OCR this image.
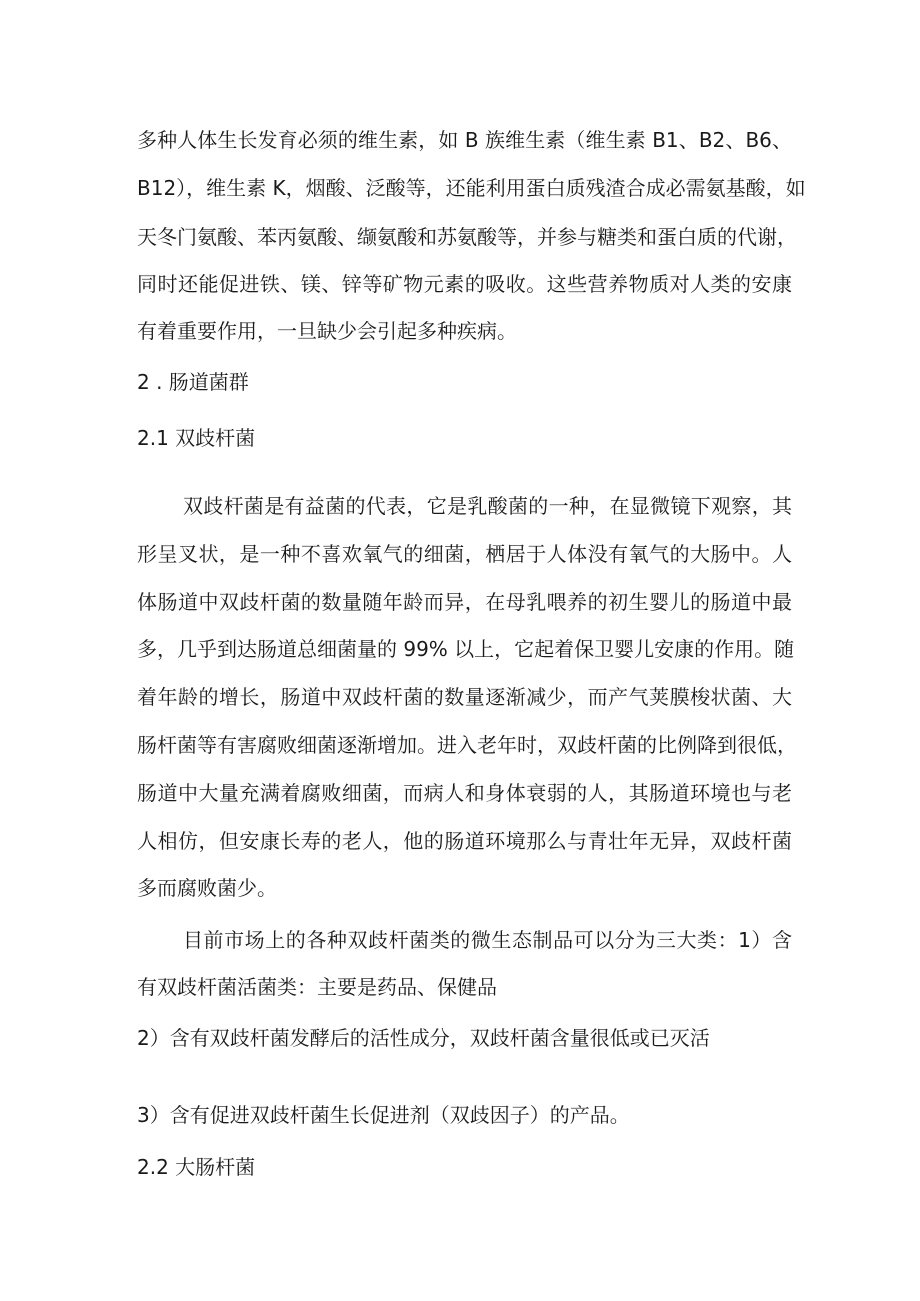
多种人体生长发育必须的维生素，如 B 族维生素（维生素 B1、B2、B6、
B12），维生素 K，烟酸、泛酸等，还能利用蛋白质残渣合成必需氨基酸，如
天冬门氨酸、苯丙氨酸、缬氨酸和苏氨酸等，并参与糖类和蛋白质的代谢，
同时还能促进铁、镁、锌等矿物元素的吸收。这些营养物质对人类的安康
有着重要作用，一旦缺少会引起多种疾病。
2 . 肠道菌群
2.1 双歧杆菌
双歧杆菌是有益菌的代表，它是乳酸菌的一种，在显微镜下观察，其
形呈叉状，是一种不喜欢氧气的细菌，栖居于人体没有氧气的大肠中。人
体肠道中双歧杆菌的数量随年龄而异，在母乳喂养的初生婴儿的肠道中最
多，几乎到达肠道总细菌量的 99% 以上，它起着保卫婴儿安康的作用。随
着年龄的增长，肠道中双歧杆菌的数量逐渐减少，而产气荚膜梭状菌、大
肠杆菌等有害腐败细菌逐渐增加。进入老年时，双歧杆菌的比例降到很低，
肠道中大量充满着腐败细菌，而病人和身体衰弱的人，其肠道环境也与老
人相仿，但安康长寿的老人，他的肠道环境那么与青壮年无异，双歧杆菌
多而腐败菌少。
目前市场上的各种双歧杆菌类的微生态制品可以分为三大类：1）含
有双歧杆菌活菌类：主要是药品、保健品
2）含有双歧杆菌发酵后的活性成分，双歧杆菌含量很低或已灭活
3）含有促进双歧杆菌生长促进剂（双歧因子）的产品。
2.2 大肠杆菌
